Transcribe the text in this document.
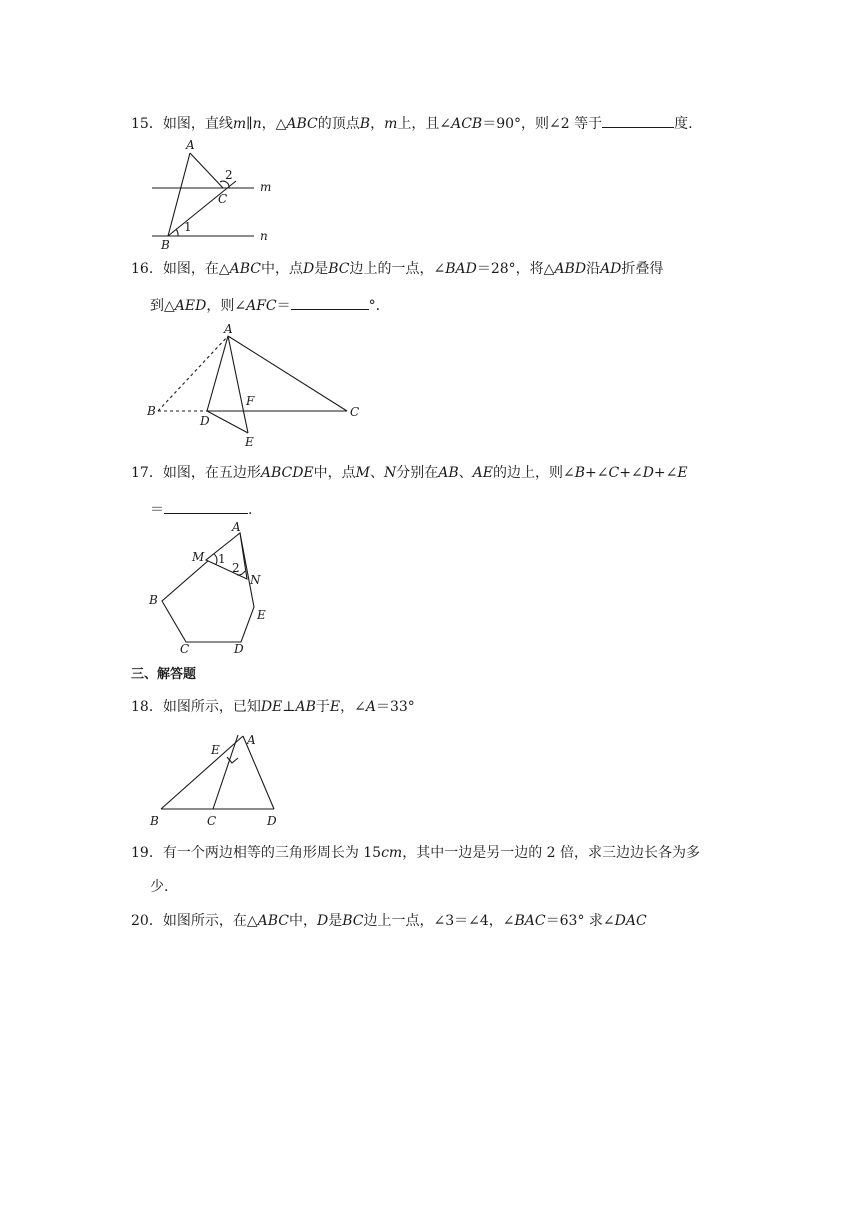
15．如图，直线m∥n，△ABC的顶点B，m上，且∠ACB＝90°，则∠2 等于	度.
A
2
m
C
1
n
B
16．如图，在△ABC中，点D是BC边上的一点，∠BAD＝28°，将△ABD沿AD折叠得
到△AED，则∠AFC＝	°．
A
F
B	C
D
E
17．如图，在五边形ABCDE中，点M、N分别在AB、AE的边上，则∠B+∠C+∠D+∠E
＝	.
A
M 1
2
N
B
E
C	D
三、解答题
18．如图所示，已知DE⊥AB于E，∠A＝33°
A
E
B	C	D
19．有一个两边相等的三角形周长为 15cm，其中一边是另一边的 2 倍，求三边边长各为多
少.
20．如图所示，在△ABC中，D是BC边上一点，∠3＝∠4，∠BAC＝63° 求∠DAC
